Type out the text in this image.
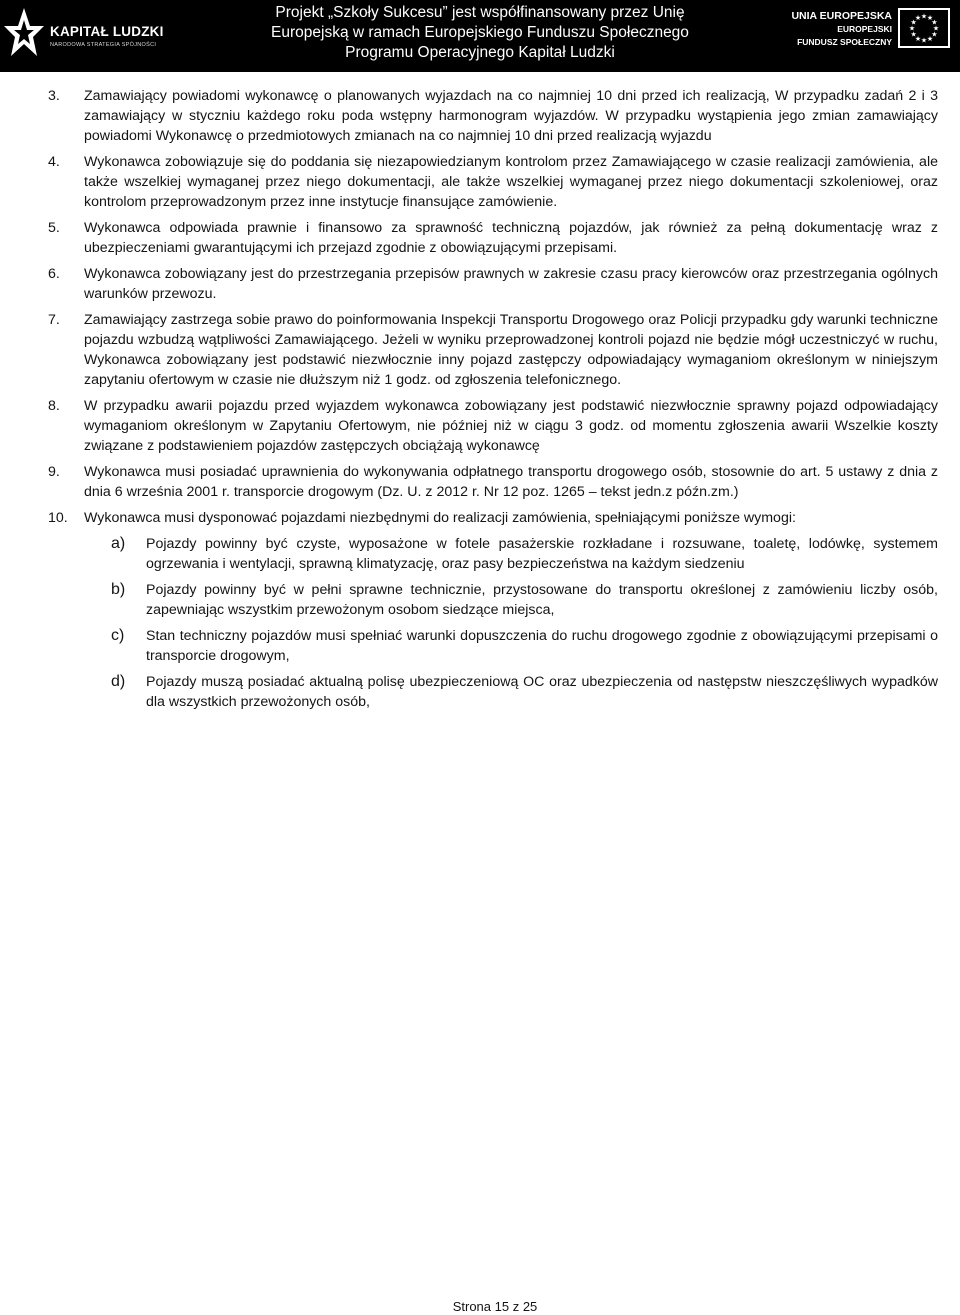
KAPITAŁ LUDZKI
NARODOWA STRATEGIA SPÓJNOŚCI
Projekt „Szkoły Sukcesu” jest współfinansowany przez Unię
Europejską w ramach Europejskiego Funduszu Społecznego
Programu Operacyjnego Kapitał Ludzki
UNIA EUROPEJSKA
EUROPEJSKI
FUNDUSZ SPOŁECZNY
★ ★
★
★
★
★
★
★
★
★
★
★
3. Zamawiający powiadomi wykonawcę o planowanych wyjazdach na co najmniej 10 dni przed ich realizacją, W przypadku zadań 2 i 3 zamawiający w styczniu każdego roku poda wstępny harmonogram wyjazdów. W przypadku wystąpienia jego zmian zamawiający powiadomi Wykonawcę o przedmiotowych zmianach na co najmniej 10 dni przed realizacją wyjazdu
4. Wykonawca zobowiązuje się do poddania się niezapowiedzianym kontrolom przez Zamawiającego w czasie realizacji zamówienia, ale także wszelkiej wymaganej przez niego dokumentacji, ale także wszelkiej wymaganej przez niego dokumentacji szkoleniowej, oraz kontrolom przeprowadzonym przez inne instytucje finansujące zamówienie.
5. Wykonawca odpowiada prawnie i finansowo za sprawność techniczną pojazdów, jak również za pełną dokumentację wraz z ubezpieczeniami gwarantującymi ich przejazd zgodnie z obowiązującymi przepisami.
6. Wykonawca zobowiązany jest do przestrzegania przepisów prawnych w zakresie czasu pracy kierowców oraz przestrzegania ogólnych warunków przewozu.
7. Zamawiający zastrzega sobie prawo do poinformowania Inspekcji Transportu Drogowego oraz Policji przypadku gdy warunki techniczne pojazdu wzbudzą wątpliwości Zamawiającego. Jeżeli w wyniku przeprowadzonej kontroli pojazd nie będzie mógł uczestniczyć w ruchu, Wykonawca zobowiązany jest podstawić niezwłocznie inny pojazd zastępczy odpowiadający wymaganiom określonym w niniejszym zapytaniu ofertowym w czasie nie dłuższym niż 1 godz. od zgłoszenia telefonicznego.
8. W przypadku awarii pojazdu przed wyjazdem wykonawca zobowiązany jest podstawić niezwłocznie sprawny pojazd odpowiadający wymaganiom określonym w Zapytaniu Ofertowym, nie później niż w ciągu 3 godz. od momentu zgłoszenia awarii Wszelkie koszty związane z podstawieniem pojazdów zastępczych obciążają wykonawcę
9. Wykonawca musi posiadać uprawnienia do wykonywania odpłatnego transportu drogowego osób, stosownie do art. 5 ustawy z dnia z dnia 6 września 2001 r. transporcie drogowym (Dz. U. z 2012 r. Nr 12 poz. 1265 – tekst jedn.z późn.zm.)
10. Wykonawca musi dysponować pojazdami niezbędnymi do realizacji zamówienia, spełniającymi poniższe wymogi:
a) Pojazdy powinny być czyste, wyposażone w fotele pasażerskie rozkładane i rozsuwane, toaletę, lodówkę, systemem ogrzewania i wentylacji, sprawną klimatyzację, oraz pasy bezpieczeństwa na każdym siedzeniu
b) Pojazdy powinny być w pełni sprawne technicznie, przystosowane do transportu określonej z zamówieniu liczby osób, zapewniając wszystkim przewożonym osobom siedzące miejsca,
c) Stan techniczny pojazdów musi spełniać warunki dopuszczenia do ruchu drogowego zgodnie z obowiązującymi przepisami o transporcie drogowym,
d) Pojazdy muszą posiadać aktualną polisę ubezpieczeniową OC oraz ubezpieczenia od następstw nieszczęśliwych wypadków dla wszystkich przewożonych osób,
Strona 15 z 25
